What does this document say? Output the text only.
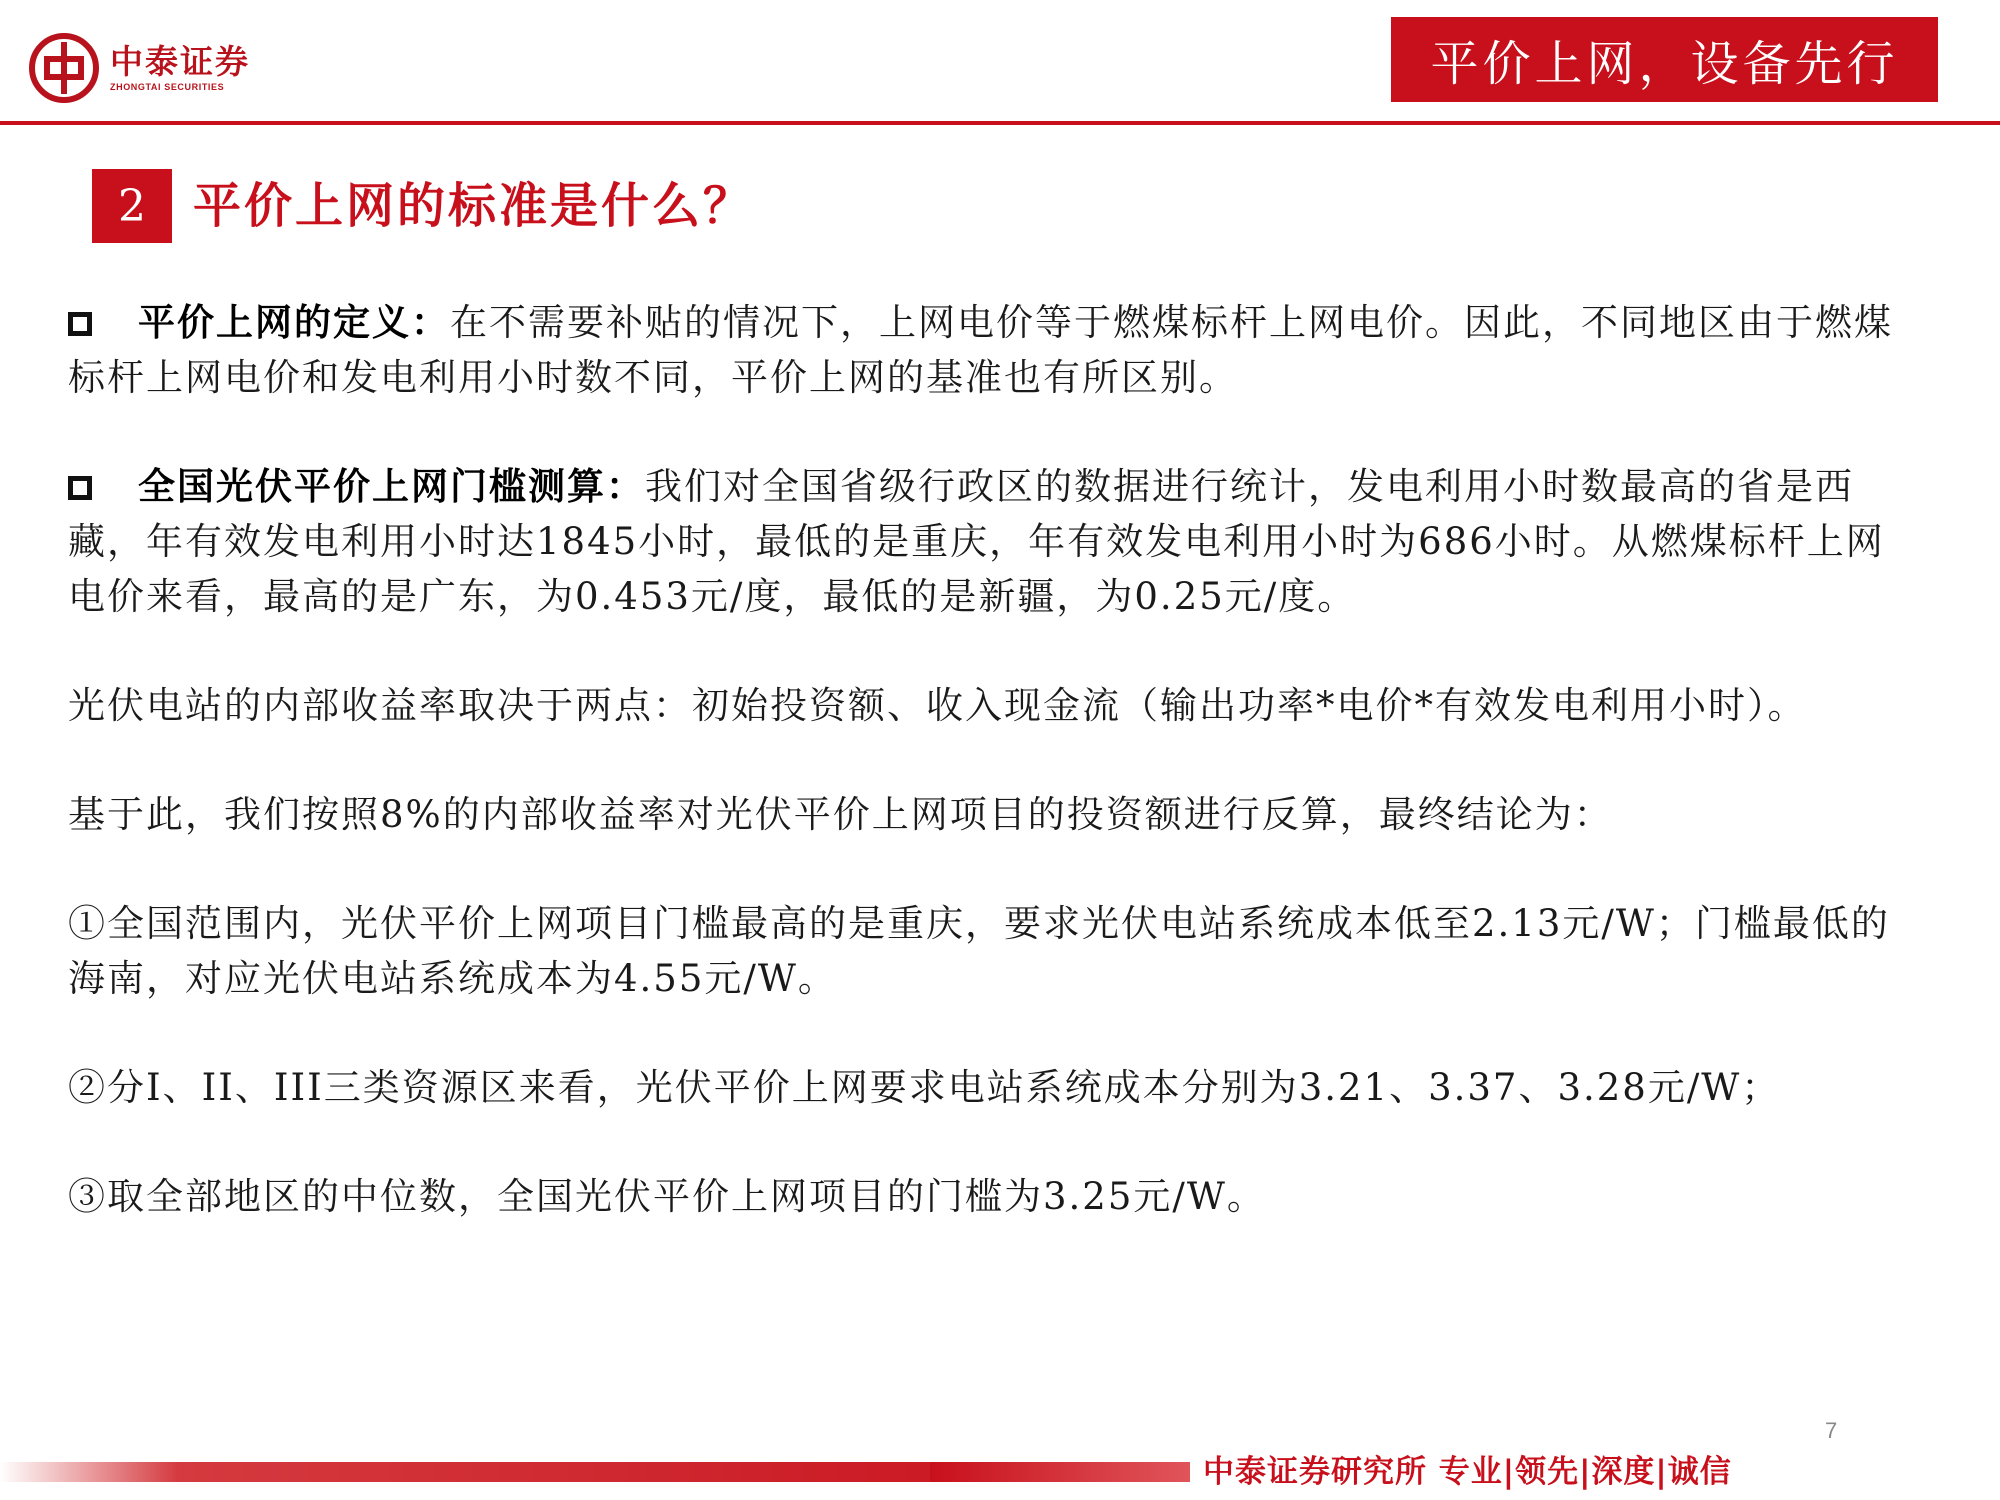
中泰证券
ZHONGTAI SECURITIES	平价上网，设备先行
2 平价上网的标准是什么？

平价上网的定义：在不需要补贴的情况下，上网电价等于燃煤标杆上网电价。因此，不同地区由于燃煤标杆上网电价和发电利用小时数不同，平价上网的基准也有所区别。

全国光伏平价上网门槛测算：我们对全国省级行政区的数据进行统计，发电利用小时数最高的省是西藏，年有效发电利用小时达1845小时，最低的是重庆，年有效发电利用小时为686小时。从燃煤标杆上网电价来看，最高的是广东，为0.453元/度，最低的是新疆，为0.25元/度。

光伏电站的内部收益率取决于两点：初始投资额、收入现金流（输出功率*电价*有效发电利用小时）。

基于此，我们按照8%的内部收益率对光伏平价上网项目的投资额进行反算，最终结论为：

①全国范围内，光伏平价上网项目门槛最高的是重庆，要求光伏电站系统成本低至2.13元/W；门槛最低的海南，对应光伏电站系统成本为4.55元/W。

②分I、II、III三类资源区来看，光伏平价上网要求电站系统成本分别为3.21、3.37、3.28元/W；

③取全部地区的中位数，全国光伏平价上网项目的门槛为3.25元/W。

7
中泰证券研究所 专业|领先|深度|诚信
